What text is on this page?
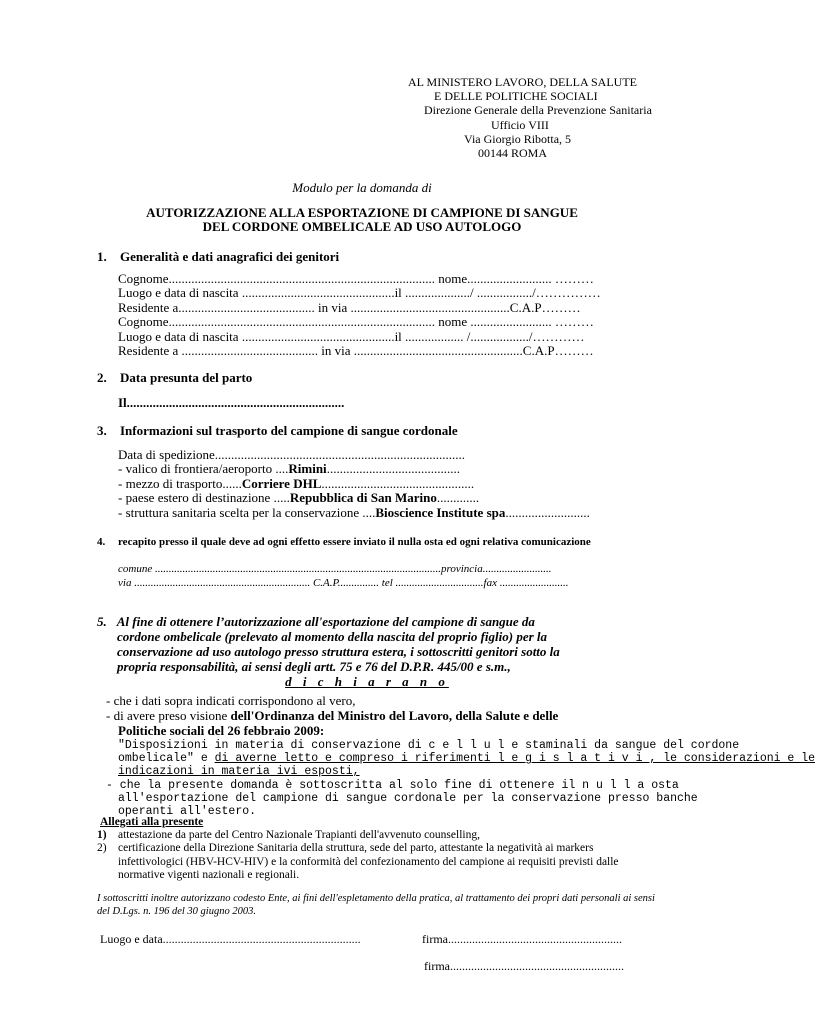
AL MINISTERO LAVORO, DELLA SALUTE
E DELLE POLITICHE SOCIALI
Direzione Generale della Prevenzione Sanitaria
Ufficio VIII
Via Giorgio Ribotta, 5
00144 ROMA
Modulo per la domanda di
AUTORIZZAZIONE ALLA ESPORTAZIONE DI CAMPIONE DI SANGUE
DEL CORDONE OMBELICALE AD USO AUTOLOGO
1. Generalità e dati anagrafici dei genitori
Cognome.................................................................................. nome.......................... ………
Luogo e data di nascita ...............................................il ..................../ ................./……………
Residente a.......................................... in via .................................................C.A.P………
Cognome.................................................................................. nome ......................... ………
Luogo e data di nascita ...............................................il .................. /................../…………
Residente a .......................................... in via ....................................................C.A.P………
2. Data presunta del parto
Il...................................................................
3. Informazioni sul trasporto del campione di sangue cordonale
Data di spedizione.............................................................................
- valico di frontiera/aeroporto ....Rimini.........................................
- mezzo di trasporto......Corriere DHL...............................................
- paese estero di destinazione .....Repubblica di San Marino.............
- struttura sanitaria scelta per la conservazione ....Bioscience Institute spa..........................
4. recapito presso il quale deve ad ogni effetto essere inviato il nulla osta ed ogni relativa comunicazione
comune ........................................................................................................provincia.........................
via ................................................................ C.A.P............... tel ................................fax .........................
5. Al fine di ottenere l’autorizzazione all'esportazione del campione di sangue da
cordone ombelicale (prelevato al momento della nascita del proprio figlio) per la
conservazione ad uso autologo presso struttura estera, i sottoscritti genitori sotto la
propria responsabilità, ai sensi degli artt. 75 e 76 del D.P.R. 445/00 e s.m.,
d i c h i a r a n o
- che i dati sopra indicati corrispondono al vero,
- di avere preso visione dell'Ordinanza del Ministro del Lavoro, della Salute e delle
Politiche sociali del 26 febbraio 2009:
"Disposizioni in materia di conservazione di c e l l u l e staminali da sangue del cordone
ombelicale" e di averne letto e compreso i riferimenti l e g i s l a t i v i , le considerazioni e le
indicazioni in materia ivi esposti,
- che la presente domanda è sottoscritta al solo fine di ottenere il n u l l a osta
all'esportazione del campione di sangue cordonale per la conservazione presso banche
operanti all'estero.
Allegati alla presente
1) attestazione da parte del Centro Nazionale Trapianti dell'avvenuto counselling,
2) certificazione della Direzione Sanitaria della struttura, sede del parto, attestante la negatività ai markers
infettivologici (HBV-HCV-HIV) e la conformità del confezionamento del campione ai requisiti previsti dalle
normative vigenti nazionali e regionali.
I sottoscritti inoltre autorizzano codesto Ente, ai fini dell'espletamento della pratica, al trattamento dei propri dati personali ai sensi del D.Lgs. n. 196 del 30 giugno 2003.
Luogo e data..................................................................	firma..........................................................
firma..........................................................
